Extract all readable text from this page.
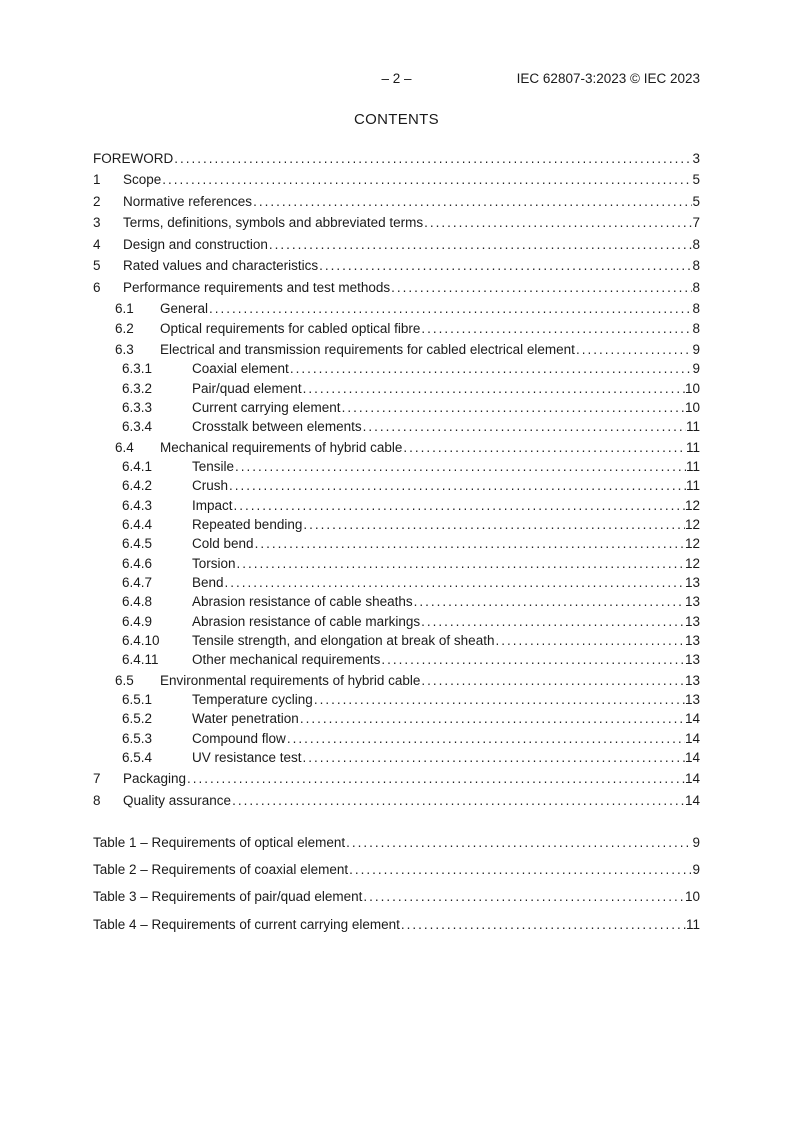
– 2 –	IEC 62807-3:2023 © IEC 2023
CONTENTS
FOREWORD .....	3
1	Scope .....	5
2	Normative references .....	5
3	Terms, definitions, symbols and abbreviated terms .....	7
4	Design and construction .....	8
5	Rated values and characteristics .....	8
6	Performance requirements and test methods .....	8
6.1	General .....	8
6.2	Optical requirements for cabled optical fibre .....	8
6.3	Electrical and transmission requirements for cabled electrical element .....	9
6.3.1	Coaxial element .....	9
6.3.2	Pair/quad element .....	10
6.3.3	Current carrying element .....	10
6.3.4	Crosstalk between elements .....	11
6.4	Mechanical requirements of hybrid cable .....	11
6.4.1	Tensile .....	11
6.4.2	Crush .....	11
6.4.3	Impact .....	12
6.4.4	Repeated bending .....	12
6.4.5	Cold bend .....	12
6.4.6	Torsion .....	12
6.4.7	Bend .....	13
6.4.8	Abrasion resistance of cable sheaths .....	13
6.4.9	Abrasion resistance of cable markings .....	13
6.4.10	Tensile strength, and elongation at break of sheath .....	13
6.4.11	Other mechanical requirements .....	13
6.5	Environmental requirements of hybrid cable .....	13
6.5.1	Temperature cycling .....	13
6.5.2	Water penetration .....	14
6.5.3	Compound flow .....	14
6.5.4	UV resistance test .....	14
7	Packaging .....	14
8	Quality assurance .....	14
Table 1 – Requirements of optical element .....	9
Table 2 – Requirements of coaxial element .....	9
Table 3 – Requirements of pair/quad element .....	10
Table 4 – Requirements of current carrying element .....	11
